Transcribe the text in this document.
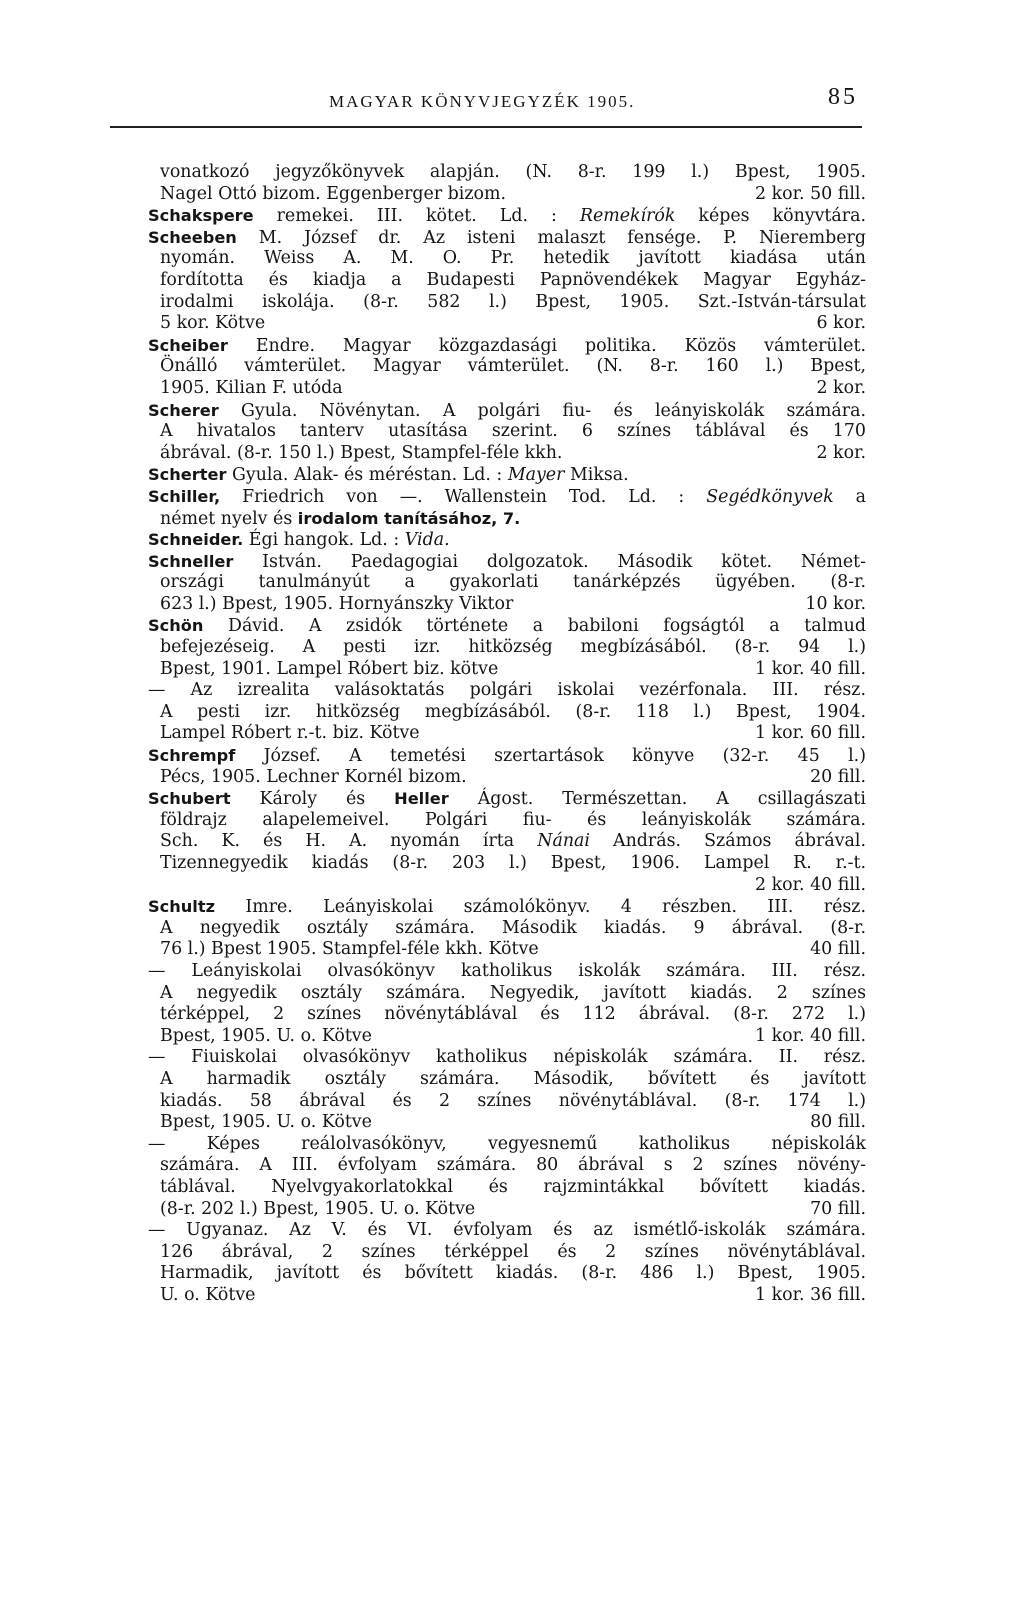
MAGYAR KÖNYVJEGYZÉK 1905.	85
vonatkozó jegyzőkönyvek alapján. (N. 8-r. 199 l.) Bpest, 1905.
Nagel Ottó bizom. Eggenberger bizom.	2 kor. 50 fill.
Schakspere remekei. III. kötet. Ld. : Remekírók képes könyvtára.
Scheeben M. József dr. Az isteni malaszt fensége. P. Nieremberg
nyomán. Weiss A. M. O. Pr. hetedik javított kiadása után
fordította és kiadja a Budapesti Papnövendékek Magyar Egyház-
irodalmi iskolája. (8-r. 582 l.) Bpest, 1905. Szt.-István-társulat
5 kor. Kötve	6 kor.
Scheiber Endre. Magyar közgazdasági politika. Közös vámterület.
Önálló vámterület. Magyar vámterület. (N. 8-r. 160 l.) Bpest,
1905. Kilian F. utóda	2 kor.
Scherer Gyula. Növénytan. A polgári fiu- és leányiskolák számára.
A hivatalos tanterv utasítása szerint. 6 színes táblával és 170
ábrával. (8-r. 150 l.) Bpest, Stampfel-féle kkh.	2 kor.
Scherter Gyula. Alak- és méréstan. Ld. : Mayer Miksa.
Schiller, Friedrich von —. Wallenstein Tod. Ld. : Segédkönyvek a
német nyelv és irodalom tanításához, 7.
Schneider. Égi hangok. Ld. : Vida.
Schneller István. Paedagogiai dolgozatok. Második kötet. Német-
országi tanulmányút a gyakorlati tanárképzés ügyében. (8-r.
623 l.) Bpest, 1905. Hornyánszky Viktor	10 kor.
Schön Dávid. A zsidók története a babiloni fogságtól a talmud
befejezéseig. A pesti izr. hitközség megbízásából. (8-r. 94 l.)
Bpest, 1901. Lampel Róbert biz. kötve	1 kor. 40 fill.
— Az izrealita valásoktatás polgári iskolai vezérfonala. III. rész.
A pesti izr. hitközség megbízásából. (8-r. 118 l.) Bpest, 1904.
Lampel Róbert r.-t. biz. Kötve	1 kor. 60 fill.
Schrempf József. A temetési szertartások könyve (32-r. 45 l.)
Pécs, 1905. Lechner Kornél bizom.	20 fill.
Schubert Károly és Heller Ágost. Természettan. A csillagászati
földrajz alapelemeivel. Polgári fiu- és leányiskolák számára.
Sch. K. és H. A. nyomán írta Nánai András. Számos ábrával.
Tizennegyedik kiadás (8-r. 203 l.) Bpest, 1906. Lampel R. r.-t.
2 kor. 40 fill.
Schultz Imre. Leányiskolai számolókönyv. 4 részben. III. rész.
A negyedik osztály számára. Második kiadás. 9 ábrával. (8-r.
76 l.) Bpest 1905. Stampfel-féle kkh. Kötve	40 fill.
— Leányiskolai olvasókönyv katholikus iskolák számára. III. rész.
A negyedik osztály számára. Negyedik, javított kiadás. 2 színes
térképpel, 2 színes növénytáblával és 112 ábrával. (8-r. 272 l.)
Bpest, 1905. U. o. Kötve	1 kor. 40 fill.
— Fiuiskolai olvasókönyv katholikus népiskolák számára. II. rész.
A harmadik osztály számára. Második, bővített és javított
kiadás. 58 ábrával és 2 színes növénytáblával. (8-r. 174 l.)
Bpest, 1905. U. o. Kötve	80 fill.
— Képes reálolvasókönyv, vegyesnemű katholikus népiskolák
számára. A III. évfolyam számára. 80 ábrával s 2 színes növény-
táblával. Nyelvgyakorlatokkal és rajzmintákkal bővített kiadás.
(8-r. 202 l.) Bpest, 1905. U. o. Kötve	70 fill.
— Ugyanaz. Az V. és VI. évfolyam és az ismétlő-iskolák számára.
126 ábrával, 2 színes térképpel és 2 színes növénytáblával.
Harmadik, javított és bővített kiadás. (8-r. 486 l.) Bpest, 1905.
U. o. Kötve	1 kor. 36 fill.
